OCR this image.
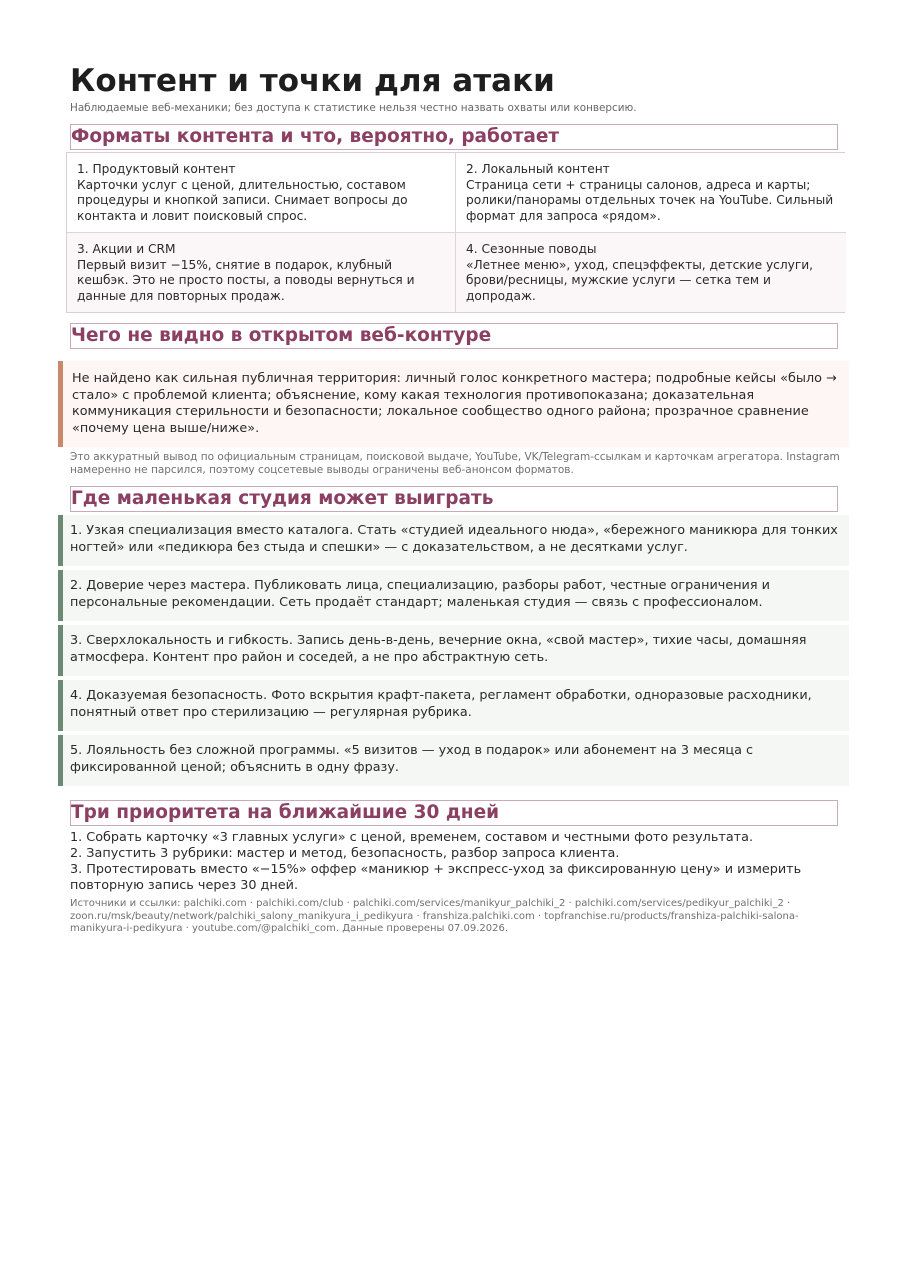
Контент и точки для атаки
Наблюдаемые веб-механики; без доступа к статистике нельзя честно назвать охваты или конверсию.
Форматы контента и что, вероятно, работает
1. Продуктовый контент
Карточки услуг с ценой, длительностью, составом процедуры и кнопкой записи. Снимает вопросы до контакта и ловит поисковый спрос.
2. Локальный контент
Страница сети + страницы салонов, адреса и карты; ролики/панорамы отдельных точек на YouTube. Сильный формат для запроса «рядом».
3. Акции и CRM
Первый визит −15%, снятие в подарок, клубный кешбэк. Это не просто посты, а поводы вернуться и данные для повторных продаж.
4. Сезонные поводы
«Летнее меню», уход, спецэффекты, детские услуги, брови/ресницы, мужские услуги — сетка тем и допродаж.
Чего не видно в открытом веб-контуре
Не найдено как сильная публичная территория: личный голос конкретного мастера; подробные кейсы «было → стало» с проблемой клиента; объяснение, кому какая технология противопоказана; доказательная коммуникация стерильности и безопасности; локальное сообщество одного района; прозрачное сравнение «почему цена выше/ниже».
Это аккуратный вывод по официальным страницам, поисковой выдаче, YouTube, VK/Telegram-ссылкам и карточкам агрегатора. Instagram намеренно не парсился, поэтому соцсетевые выводы ограничены веб-анонсом форматов.
Где маленькая студия может выиграть
1. Узкая специализация вместо каталога. Стать «студией идеального нюда», «бережного маникюра для тонких ногтей» или «педикюра без стыда и спешки» — с доказательством, а не десятками услуг.
2. Доверие через мастера. Публиковать лица, специализацию, разборы работ, честные ограничения и персональные рекомендации. Сеть продаёт стандарт; маленькая студия — связь с профессионалом.
3. Сверхлокальность и гибкость. Запись день-в-день, вечерние окна, «свой мастер», тихие часы, домашняя атмосфера. Контент про район и соседей, а не про абстрактную сеть.
4. Доказуемая безопасность. Фото вскрытия крафт-пакета, регламент обработки, одноразовые расходники, понятный ответ про стерилизацию — регулярная рубрика.
5. Лояльность без сложной программы. «5 визитов — уход в подарок» или абонемент на 3 месяца с фиксированной ценой; объяснить в одну фразу.
Три приоритета на ближайшие 30 дней
1. Собрать карточку «3 главных услуги» с ценой, временем, составом и честными фото результата.
2. Запустить 3 рубрики: мастер и метод, безопасность, разбор запроса клиента.
3. Протестировать вместо «−15%» оффер «маникюр + экспресс-уход за фиксированную цену» и измерить повторную запись через 30 дней.
Источники и ссылки: palchiki.com · palchiki.com/club · palchiki.com/services/manikyur_palchiki_2 · palchiki.com/services/pedikyur_palchiki_2 · zoon.ru/msk/beauty/network/palchiki_salony_manikyura_i_pedikyura · franshiza.palchiki.com · topfranchise.ru/products/franshiza-palchiki-salona-manikyura-i-pedikyura · youtube.com/@palchiki_com. Данные проверены 07.09.2026.
